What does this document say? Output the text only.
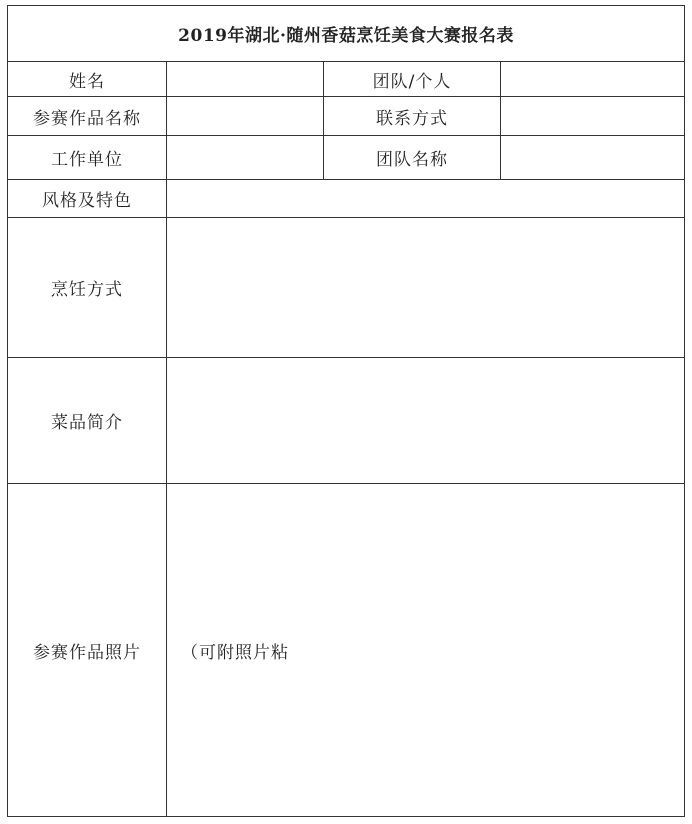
2019年湖北·随州香菇烹饪美食大赛报名表			
姓名		团队/个人	
参赛作品名称		联系方式	
工作单位		团队名称	
风格及特色			
烹饪方式			
菜品简介			
参赛作品照片	（可附照片粘		
